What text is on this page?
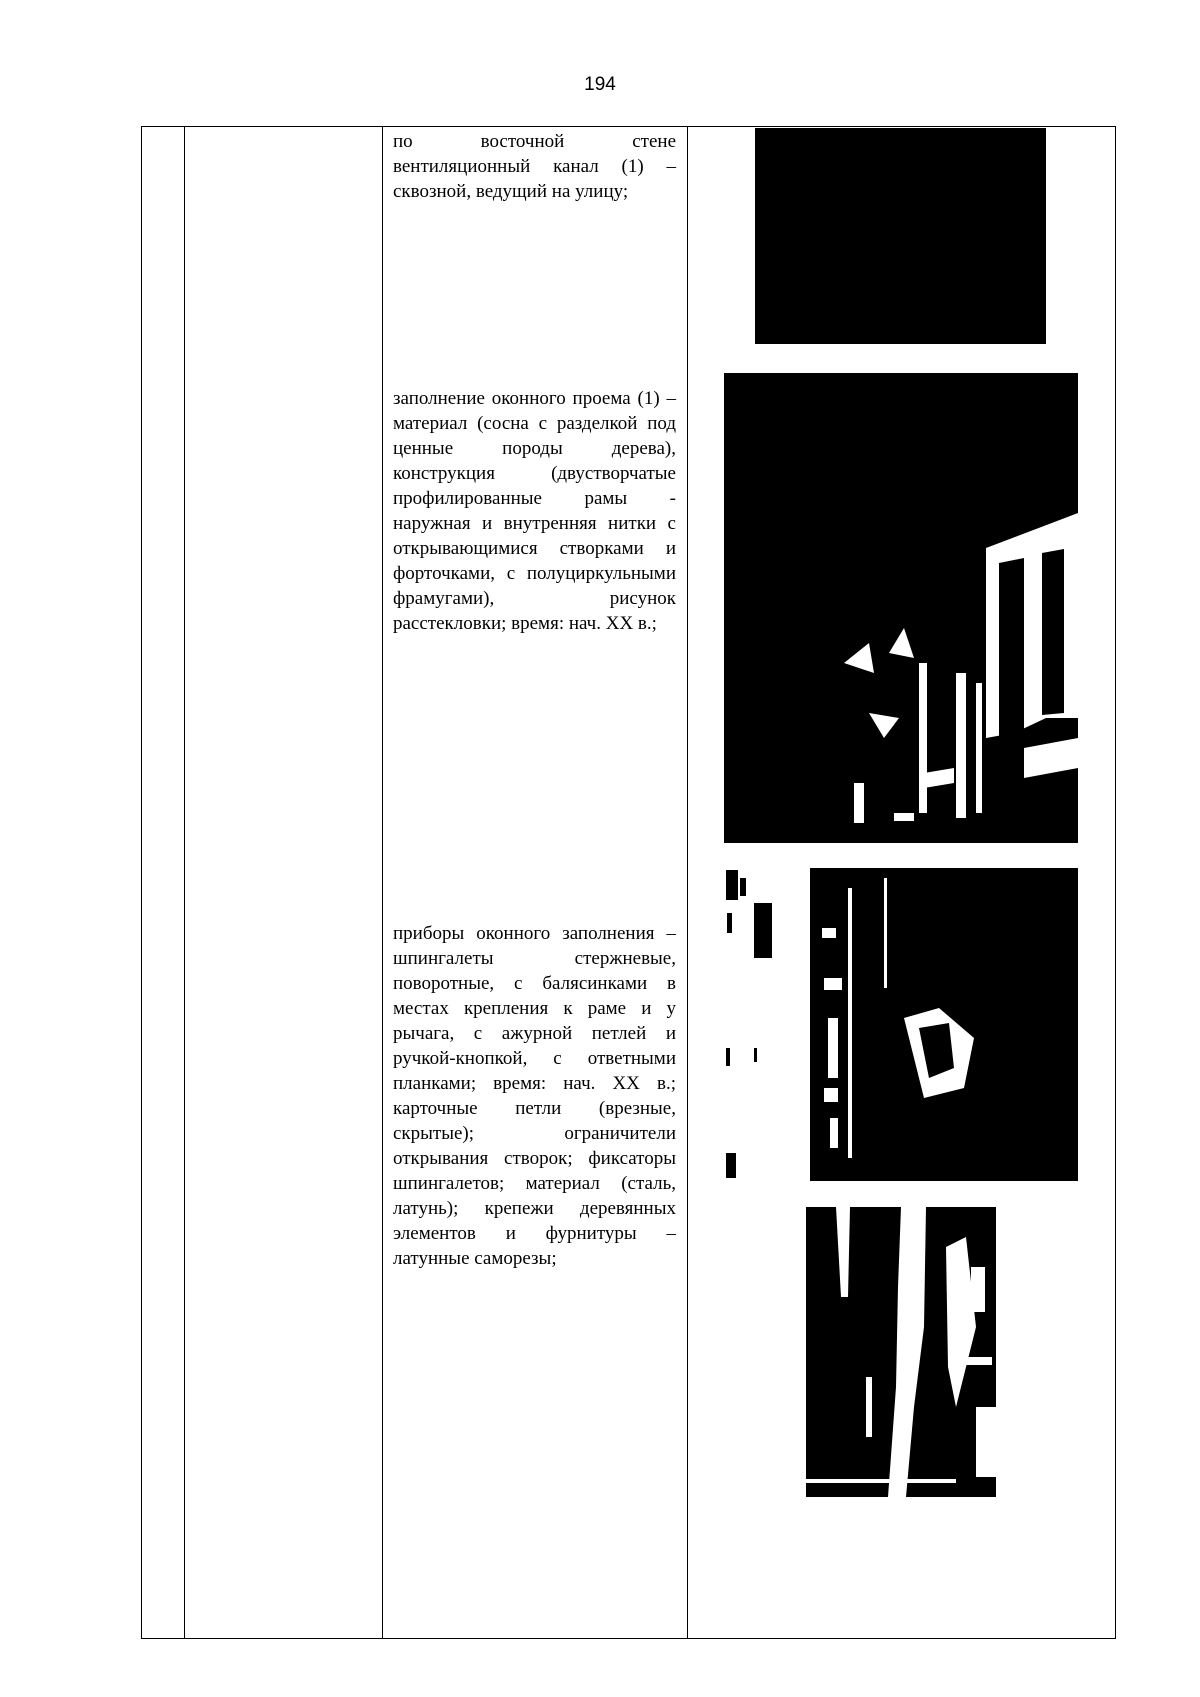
194

по восточной стене вентиляционный канал (1) – сквозной, ведущий на улицу;

заполнение оконного проема (1) – материал (сосна с разделкой под ценные породы дерева), конструкция (двустворчатые профилированные рамы - наружная и внутренняя нитки с открывающимися створками и форточками, с полуциркульными фрамугами), рисунок расстекловки; время: нач. XX в.;

приборы оконного заполнения – шпингалеты стержневые, поворотные, с балясинками в местах крепления к раме и у рычага, с ажурной петлей и ручкой-кнопкой, с ответными планками; время: нач. XX в.; карточные петли (врезные, скрытые); ограничители открывания створок; фиксаторы шпингалетов; материал (сталь, латунь); крепежи деревянных элементов и фурнитуры – латунные саморезы;
